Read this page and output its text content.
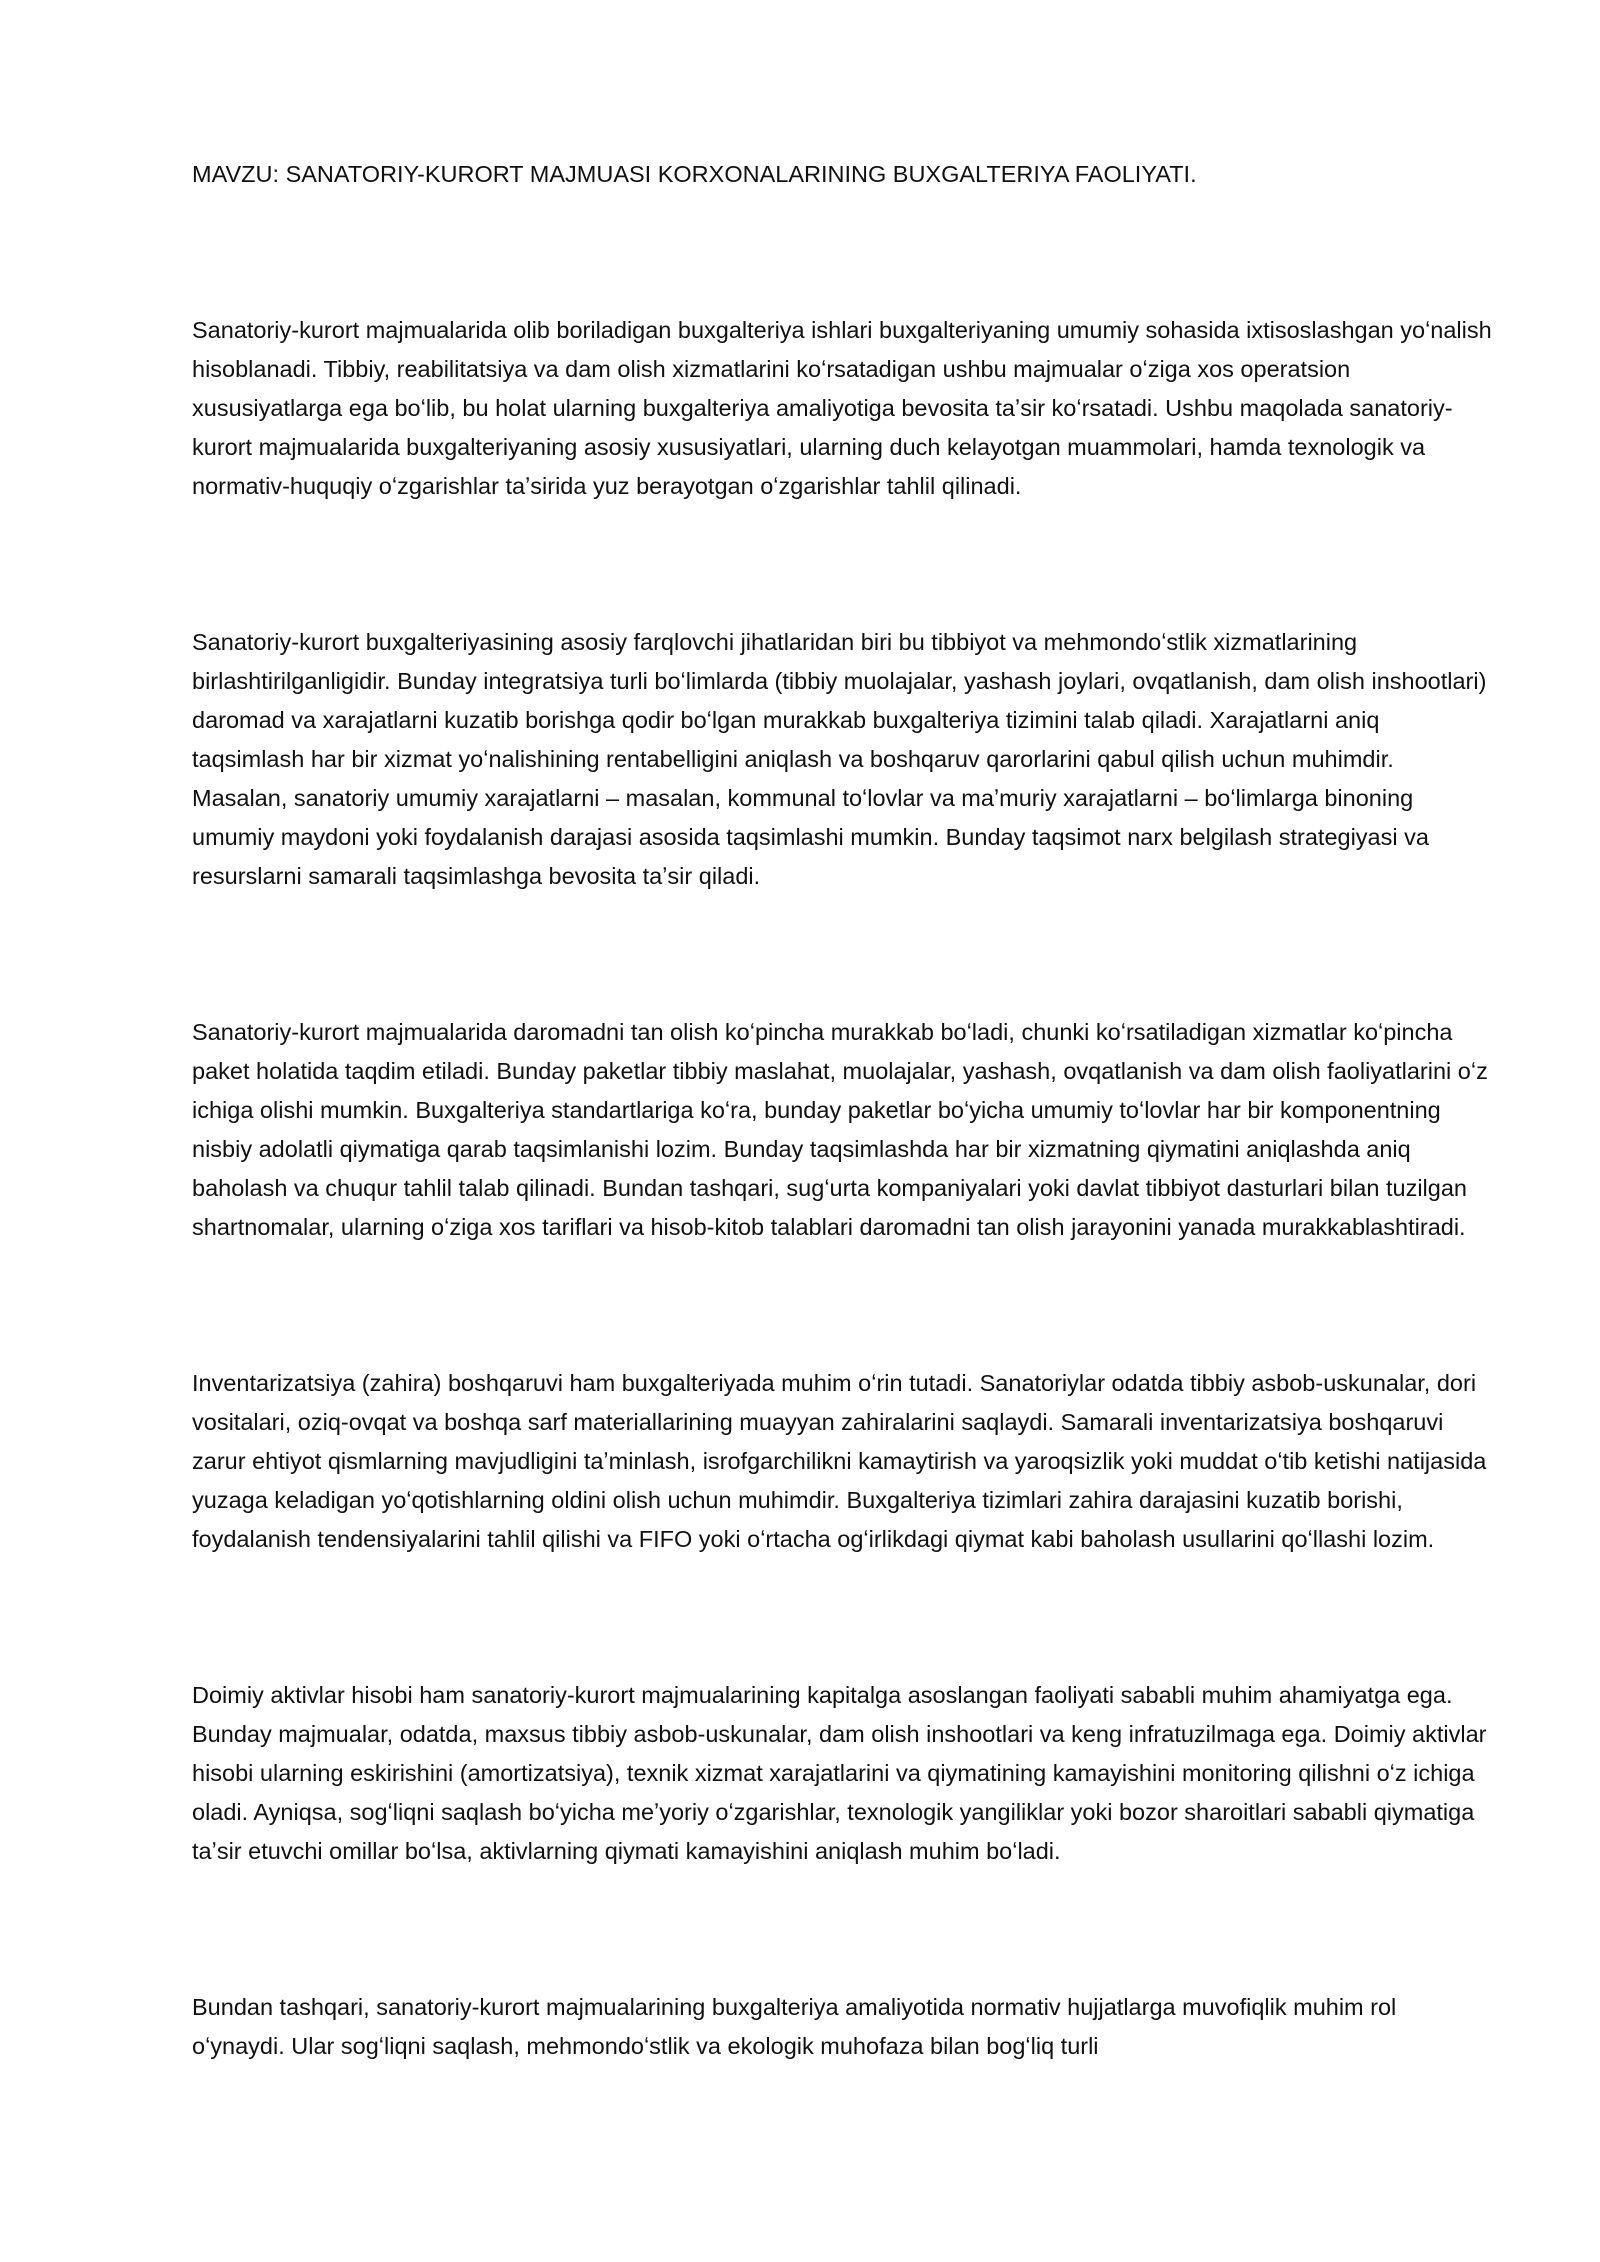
MAVZU: SANATORIY-KURORT MAJMUASI KORXONALARINING BUXGALTERIYA FAOLIYATI.

Sanatoriy-kurort majmualarida olib boriladigan buxgalteriya ishlari buxgalteriyaning umumiy sohasida ixtisoslashgan yoʻnalish hisoblanadi. Tibbiy, reabilitatsiya va dam olish xizmatlarini koʻrsatadigan ushbu majmualar oʻziga xos operatsion xususiyatlarga ega boʻlib, bu holat ularning buxgalteriya amaliyotiga bevosita taʼsir koʻrsatadi. Ushbu maqolada sanatoriy-kurort majmualarida buxgalteriyaning asosiy xususiyatlari, ularning duch kelayotgan muammolari, hamda texnologik va normativ-huquqiy oʻzgarishlar taʼsirida yuz berayotgan oʻzgarishlar tahlil qilinadi.

Sanatoriy-kurort buxgalteriyasining asosiy farqlovchi jihatlaridan biri bu tibbiyot va mehmondoʻstlik xizmatlarining birlashtirilganligidir. Bunday integratsiya turli boʻlimlarda (tibbiy muolajalar, yashash joylari, ovqatlanish, dam olish inshootlari) daromad va xarajatlarni kuzatib borishga qodir boʻlgan murakkab buxgalteriya tizimini talab qiladi. Xarajatlarni aniq taqsimlash har bir xizmat yoʻnalishining rentabelligini aniqlash va boshqaruv qarorlarini qabul qilish uchun muhimdir. Masalan, sanatoriy umumiy xarajatlarni – masalan, kommunal toʻlovlar va maʼmuriy xarajatlarni – boʻlimlarga binoning umumiy maydoni yoki foydalanish darajasi asosida taqsimlashi mumkin. Bunday taqsimot narx belgilash strategiyasi va resurslarni samarali taqsimlashga bevosita taʼsir qiladi.

Sanatoriy-kurort majmualarida daromadni tan olish koʻpincha murakkab boʻladi, chunki koʻrsatiladigan xizmatlar koʻpincha paket holatida taqdim etiladi. Bunday paketlar tibbiy maslahat, muolajalar, yashash, ovqatlanish va dam olish faoliyatlarini oʻz ichiga olishi mumkin. Buxgalteriya standartlariga koʻra, bunday paketlar boʻyicha umumiy toʻlovlar har bir komponentning nisbiy adolatli qiymatiga qarab taqsimlanishi lozim. Bunday taqsimlashda har bir xizmatning qiymatini aniqlashda aniq baholash va chuqur tahlil talab qilinadi. Bundan tashqari, sugʻurta kompaniyalari yoki davlat tibbiyot dasturlari bilan tuzilgan shartnomalar, ularning oʻziga xos tariflari va hisob-kitob talablari daromadni tan olish jarayonini yanada murakkablashtiradi.

Inventarizatsiya (zahira) boshqaruvi ham buxgalteriyada muhim oʻrin tutadi. Sanatoriylar odatda tibbiy asbob-uskunalar, dori vositalari, oziq-ovqat va boshqa sarf materiallarining muayyan zahiralarini saqlaydi. Samarali inventarizatsiya boshqaruvi zarur ehtiyot qismlarning mavjudligini taʼminlash, isrofgarchilikni kamaytirish va yaroqsizlik yoki muddat oʻtib ketishi natijasida yuzaga keladigan yoʻqotishlarning oldini olish uchun muhimdir. Buxgalteriya tizimlari zahira darajasini kuzatib borishi, foydalanish tendensiyalarini tahlil qilishi va FIFO yoki oʻrtacha ogʻirlikdagi qiymat kabi baholash usullarini qoʻllashi lozim.

Doimiy aktivlar hisobi ham sanatoriy-kurort majmualarining kapitalga asoslangan faoliyati sababli muhim ahamiyatga ega. Bunday majmualar, odatda, maxsus tibbiy asbob-uskunalar, dam olish inshootlari va keng infratuzilmaga ega. Doimiy aktivlar hisobi ularning eskirishini (amortizatsiya), texnik xizmat xarajatlarini va qiymatining kamayishini monitoring qilishni oʻz ichiga oladi. Ayniqsa, sogʻliqni saqlash boʻyicha meʼyoriy oʻzgarishlar, texnologik yangiliklar yoki bozor sharoitlari sababli qiymatiga taʼsir etuvchi omillar boʻlsa, aktivlarning qiymati kamayishini aniqlash muhim boʻladi.

Bundan tashqari, sanatoriy-kurort majmualarining buxgalteriya amaliyotida normativ hujjatlarga muvofiqlik muhim rol oʻynaydi. Ular sogʻliqni saqlash, mehmondoʻstlik va ekologik muhofaza bilan bogʻliq turli
